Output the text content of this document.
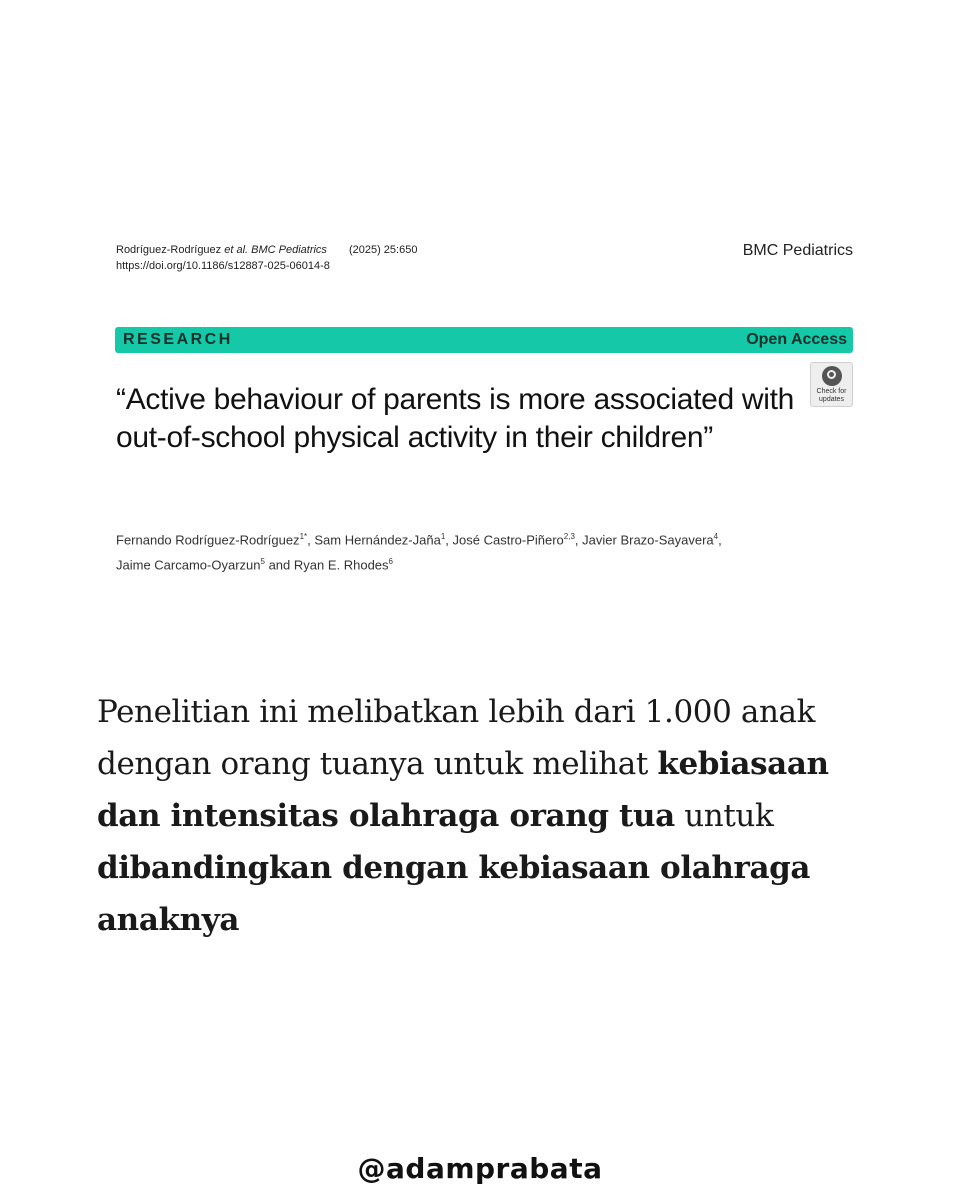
Rodríguez-Rodríguez et al. BMC Pediatrics (2025) 25:650
https://doi.org/10.1186/s12887-025-06014-8
BMC Pediatrics
RESEARCH	Open Access
Check for updates
“Active behaviour of parents is more associated with out-of-school physical activity in their children”
Fernando Rodríguez-Rodríguez$^{1*}$, Sam Hernández-Jaña$^1$, José Castro-Piñero$^{2,3}$, Javier Brazo-Sayavera$^4$,
Jaime Carcamo-Oyarzun$^5$ and Ryan E. Rhodes$^6$

Penelitian ini melibatkan lebih dari 1.000 anak dengan orang tuanya untuk melihat kebiasaan dan intensitas olahraga orang tua untuk dibandingkan dengan kebiasaan olahraga anaknya

@adamprabata
